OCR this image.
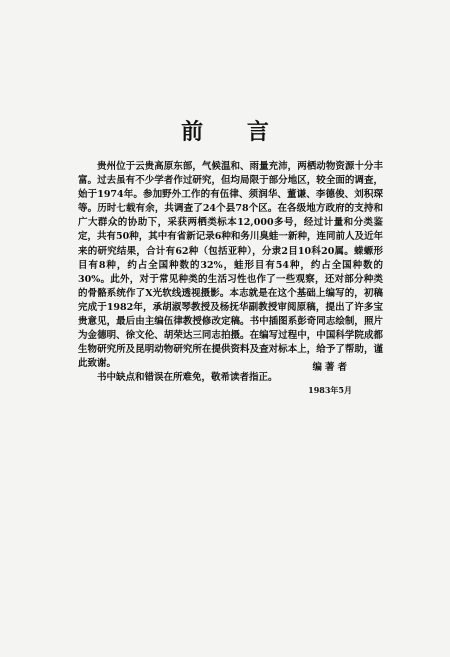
前 言

贵州位于云贵高原东部，气候温和、雨量充沛，两栖动物资源十分丰富。过去虽有不少学者作过研究，但均局限于部分地区，较全面的调查，始于1974年。参加野外工作的有伍律、须润华、董谦、李德俊、刘积琛等。历时七载有余，共调查了24个县78个区。在各级地方政府的支持和广大群众的协助下，采获两栖类标本12,000多号，经过计量和分类鉴定，共有50种，其中有省新记录6种和务川臭蛙一新种，连同前人及近年来的研究结果，合计有62种（包括亚种），分隶2目10科20属。蝾螈形目有8种，约占全国种数的32%，蛙形目有54种，约占全国种数的30%。此外，对于常见种类的生活习性也作了一些观察，还对部分种类的骨骼系统作了X光软线透视摄影。本志就是在这个基础上编写的，初稿完成于1982年，承胡淑琴教授及杨抚华副教授审阅原稿，提出了许多宝贵意见，最后由主编伍律教授修改定稿。书中插图系彭奇同志绘制，照片为金德明、徐文伦、胡荣达三同志拍摄。在编写过程中，中国科学院成都生物研究所及昆明动物研究所在提供资料及查对标本上，给予了帮助，谨此致谢。

书中缺点和错误在所难免，敬希读者指正。

编著者
1983年5月
